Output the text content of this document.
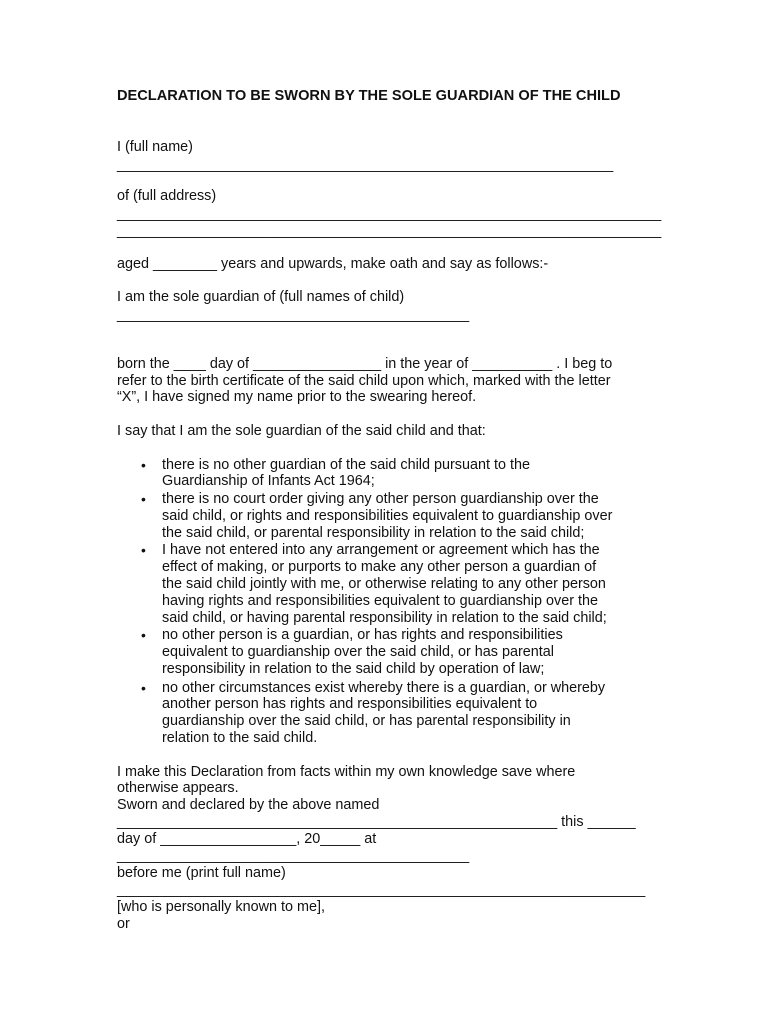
DECLARATION TO BE SWORN BY THE SOLE GUARDIAN OF THE CHILD
I (full name)
______________________________________________________________
of (full address)
____________________________________________________________________
____________________________________________________________________
aged ________ years and upwards, make oath and say as follows:-
I am the sole guardian of (full names of child)
____________________________________________
born the ____ day of ________________ in the year of __________ . I beg to
refer to the birth certificate of the said child upon which, marked with the letter
“X”, I have signed my name prior to the swearing hereof.
I say that I am the sole guardian of the said child and that:
• there is no other guardian of the said child pursuant to the
Guardianship of Infants Act 1964;
• there is no court order giving any other person guardianship over the
said child, or rights and responsibilities equivalent to guardianship over
the said child, or parental responsibility in relation to the said child;
• I have not entered into any arrangement or agreement which has the
effect of making, or purports to make any other person a guardian of
the said child jointly with me, or otherwise relating to any other person
having rights and responsibilities equivalent to guardianship over the
said child, or having parental responsibility in relation to the said child;
• no other person is a guardian, or has rights and responsibilities
equivalent to guardianship over the said child, or has parental
responsibility in relation to the said child by operation of law;
• no other circumstances exist whereby there is a guardian, or whereby
another person has rights and responsibilities equivalent to
guardianship over the said child, or has parental responsibility in
relation to the said child.
I make this Declaration from facts within my own knowledge save where
otherwise appears.
Sworn and declared by the above named
_______________________________________________________ this ______
day of _________________, 20_____ at
____________________________________________
before me (print full name)
__________________________________________________________________
[who is personally known to me],
or
